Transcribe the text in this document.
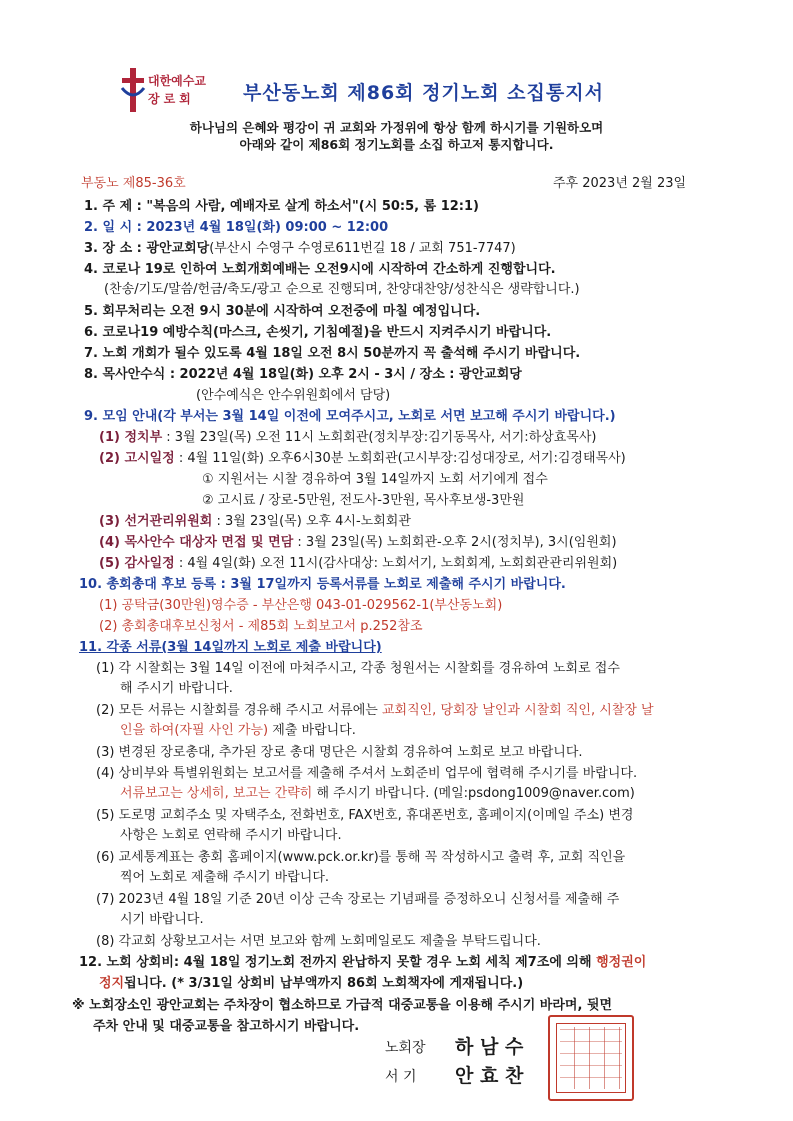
대한예수교
장로회	부산동노회 제86회 정기노회 소집통지서
하나님의 은혜와 평강이 귀 교회와 가정위에 항상 함께 하시기를 기원하오며
아래와 같이 제86회 정기노회를 소집 하고저 통지합니다.
부동노 제85-36호	주후 2023년 2월 23일
1. 주 제 : "복음의 사람, 예배자로 살게 하소서"(시 50:5, 롬 12:1)
2. 일 시 : 2023년 4월 18일(화) 09:00 ~ 12:00
3. 장 소 : 광안교회당(부산시 수영구 수영로611번길 18 / 교회 751-7747)
4. 코로나 19로 인하여 노회개회예배는 오전9시에 시작하여 간소하게 진행합니다.
(찬송/기도/말씀/헌금/축도/광고 순으로 진행되며, 찬양대찬양/성찬식은 생략합니다.)
5. 회무처리는 오전 9시 30분에 시작하여 오전중에 마칠 예정입니다.
6. 코로나19 예방수칙(마스크, 손씻기, 기침예절)을 반드시 지켜주시기 바랍니다.
7. 노회 개회가 될수 있도록 4월 18일 오전 8시 50분까지 꼭 출석해 주시기 바랍니다.
8. 목사안수식 : 2022년 4월 18일(화) 오후 2시 - 3시 / 장소 : 광안교회당
(안수예식은 안수위원회에서 담당)
9. 모임 안내(각 부서는 3월 14일 이전에 모여주시고, 노회로 서면 보고해 주시기 바랍니다.)
(1) 정치부 : 3월 23일(목) 오전 11시 노회회관(정치부장:김기동목사, 서기:하상효목사)
(2) 고시일정 : 4월 11일(화) 오후6시30분 노회회관(고시부장:김성대장로, 서기:김경태목사)
① 지원서는 시찰 경유하여 3월 14일까지 노회 서기에게 접수
② 고시료 / 장로-5만원, 전도사-3만원, 목사후보생-3만원
(3) 선거관리위원회 : 3월 23일(목) 오후 4시-노회회관
(4) 목사안수 대상자 면접 및 면담 : 3월 23일(목) 노회회관-오후 2시(정치부), 3시(임원회)
(5) 감사일정 : 4월 4일(화) 오전 11시(감사대상: 노회서기, 노회회계, 노회회관관리위원회)
10. 총회총대 후보 등록 : 3월 17일까지 등록서류를 노회로 제출해 주시기 바랍니다.
(1) 공탁금(30만원)영수증 - 부산은행 043-01-029562-1(부산동노회)
(2) 총회총대후보신청서 - 제85회 노회보고서 p.252참조
11. 각종 서류(3월 14일까지 노회로 제출 바랍니다)
(1) 각 시찰회는 3월 14일 이전에 마쳐주시고, 각종 청원서는 시찰회를 경유하여 노회로 접수
해 주시기 바랍니다.
(2) 모든 서류는 시찰회를 경유해 주시고 서류에는 교회직인, 당회장 날인과 시찰회 직인, 시찰장 날
인을 하여(자필 사인 가능) 제출 바랍니다.
(3) 변경된 장로총대, 추가된 장로 총대 명단은 시찰회 경유하여 노회로 보고 바랍니다.
(4) 상비부와 특별위원회는 보고서를 제출해 주셔서 노회준비 업무에 협력해 주시기를 바랍니다.
서류보고는 상세히, 보고는 간략히 해 주시기 바랍니다. (메일:psdong1009@naver.com)
(5) 도로명 교회주소 및 자택주소, 전화번호, FAX번호, 휴대폰번호, 홈페이지(이메일 주소) 변경
사항은 노회로 연락해 주시기 바랍니다.
(6) 교세통계표는 총회 홈페이지(www.pck.or.kr)를 통해 꼭 작성하시고 출력 후, 교회 직인을
찍어 노회로 제출해 주시기 바랍니다.
(7) 2023년 4월 18일 기준 20년 이상 근속 장로는 기념패를 증정하오니 신청서를 제출해 주
시기 바랍니다.
(8) 각교회 상황보고서는 서면 보고와 함께 노회메일로도 제출을 부탁드립니다.
12. 노회 상회비: 4월 18일 정기노회 전까지 완납하지 못할 경우 노회 세칙 제7조에 의해 행정권이
정지됩니다. (* 3/31일 상회비 납부액까지 86회 노회책자에 게재됩니다.)
※ 노회장소인 광안교회는 주차장이 협소하므로 가급적 대중교통을 이용해 주시기 바라며, 뒷면
주차 안내 및 대중교통을 참고하시기 바랍니다.
노회장 하 남 수
서 기 안 효 찬
